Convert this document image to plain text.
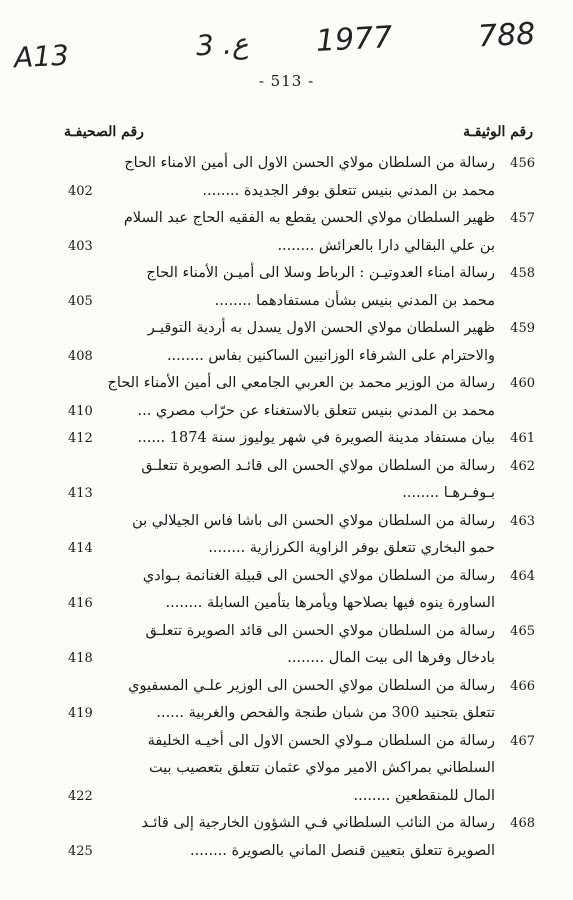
A13	3 .ع 1977	788
- 513 -
رقم الوثيقـة
رقم الصحيفـة
456
رسالة من السلطان مولاي الحسن الاول الى أمين الامناء الحاج
محمد بن المدني بنيس تتعلق بوفر الجديدة ........
402
457
ظهير السلطان مولاي الحسن يقطع به الفقيه الحاج عبد السلام
بن علي البقالي دارا بالعرائش ........
403
458
رسالة امناء العدوتيـن : الرباط وسلا الى أميـن الأمناء الحاج
محمد بن المدني بنيس بشأن مستفادهما ........
405
459
ظهير السلطان مولاي الحسن الاول يسدل به أردية التوقيـر
والاحترام على الشرفاء الوزانيين الساكنين بفاس ........
408
460
رسالة من الوزير محمد بن العربي الجامعي الى أمين الأمناء الحاج
محمد بن المدني بنيس تتعلق بالاستغناء عن حرّاب مصري ...
410
461
بيان مستفاد مدينة الصويرة في شهر يوليوز سنة 1874 ......
412
462
رسالة من السلطان مولاي الحسن الى قائـد الصويرة تتعلـق
بـوفـرهـا ........
413
463
رسالة من السلطان مولاي الحسن الى باشا فاس الجيلالي بن
حمو البخاري تتعلق بوفر الزاوية الكرزازية ........
414
464
رسالة من السلطان مولاي الحسن الى قبيلة الغنانمة بـوادي
الساورة ينوه فيها بصلاحها ويأمرها بتأمين السابلة ........
416
465
رسالة من السلطان مولاي الحسن الى قائد الصويرة تتعلـق
بادخال وفرها الى بيت المال ........
418
466
رسالة من السلطان مولاي الحسن الى الوزير علـي المسفيوي
تتعلق بتجنيد 300 من شبان طنجة والفحص والغربية ......
419
467
رسالة من السلطان مـولاي الحسن الاول الى أخيـه الخليفة
السلطاني بمراكش الامير مولاي عثمان تتعلق بتعصيب بيت
المال للمنقطعين ........
422
468
رسالة من النائب السلطاني فـي الشؤون الخارجية إلى قائـد
الصويرة تتعلق بتعيين قنصل الماني بالصويرة ........
425
